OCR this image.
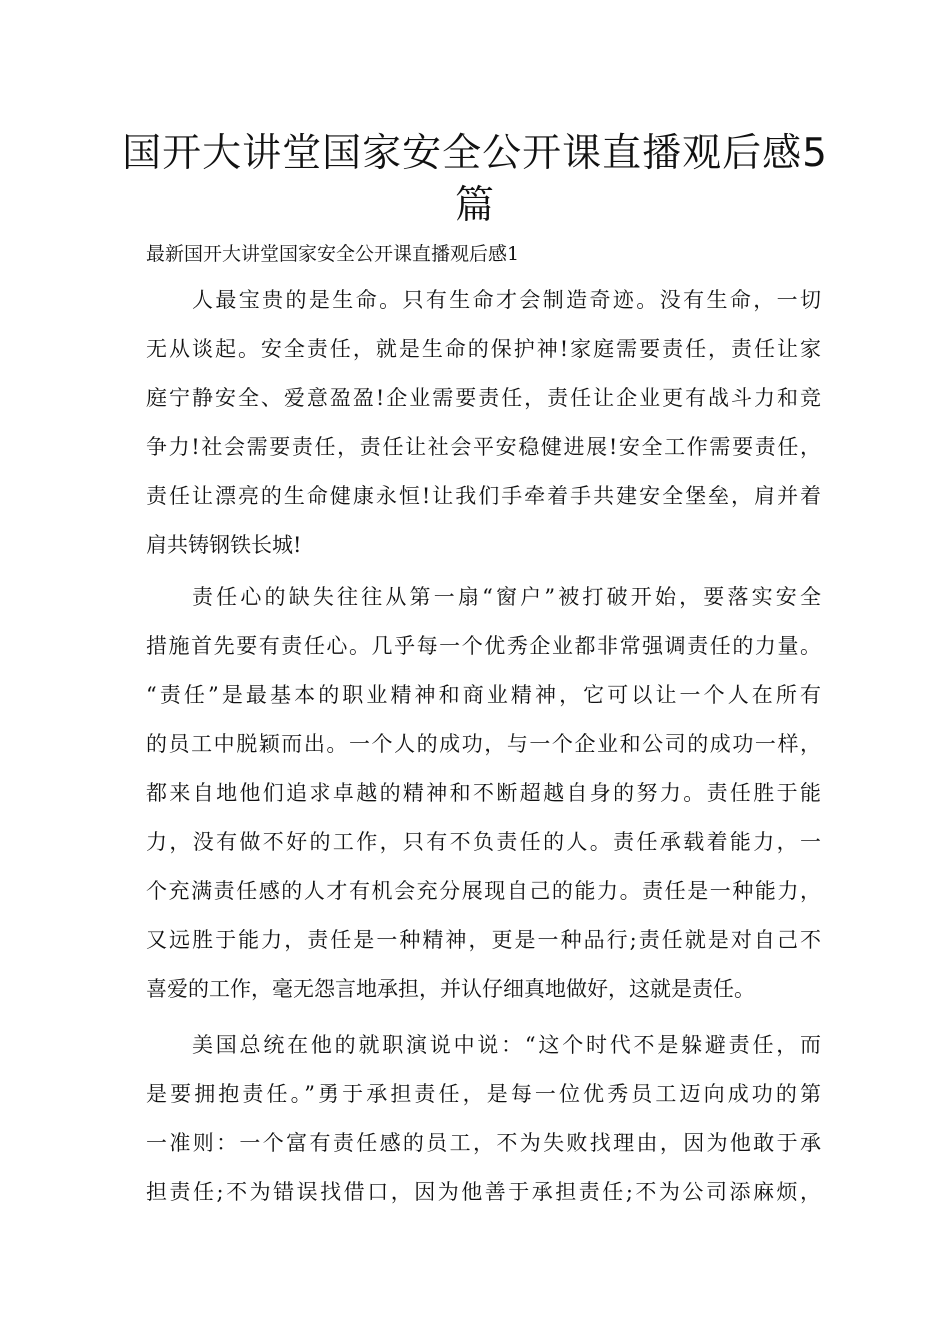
国开大讲堂国家安全公开课直播观后感5篇

最新国开大讲堂国家安全公开课直播观后感1

人最宝贵的是生命。只有生命才会制造奇迹。没有生命，一切

无从谈起。安全责任，就是生命的保护神!家庭需要责任，责任让家

庭宁静安全、爱意盈盈!企业需要责任，责任让企业更有战斗力和竞

争力!社会需要责任，责任让社会平安稳健进展!安全工作需要责任，

责任让漂亮的生命健康永恒!让我们手牵着手共建安全堡垒，肩并着

肩共铸钢铁长城!

责任心的缺失往往从第一扇“窗户”被打破开始，要落实安全

措施首先要有责任心。几乎每一个优秀企业都非常强调责任的力量。

“责任”是最基本的职业精神和商业精神，它可以让一个人在所有

的员工中脱颖而出。一个人的成功，与一个企业和公司的成功一样，

都来自地他们追求卓越的精神和不断超越自身的努力。责任胜于能

力，没有做不好的工作，只有不负责任的人。责任承载着能力，一

个充满责任感的人才有机会充分展现自己的能力。责任是一种能力，

又远胜于能力，责任是一种精神，更是一种品行;责任就是对自己不

喜爱的工作，毫无怨言地承担，并认仔细真地做好，这就是责任。

美国总统在他的就职演说中说：“这个时代不是躲避责任，而

是要拥抱责任。”勇于承担责任，是每一位优秀员工迈向成功的第

一准则：一个富有责任感的员工，不为失败找理由，因为他敢于承

担责任;不为错误找借口，因为他善于承担责任;不为公司添麻烦，
